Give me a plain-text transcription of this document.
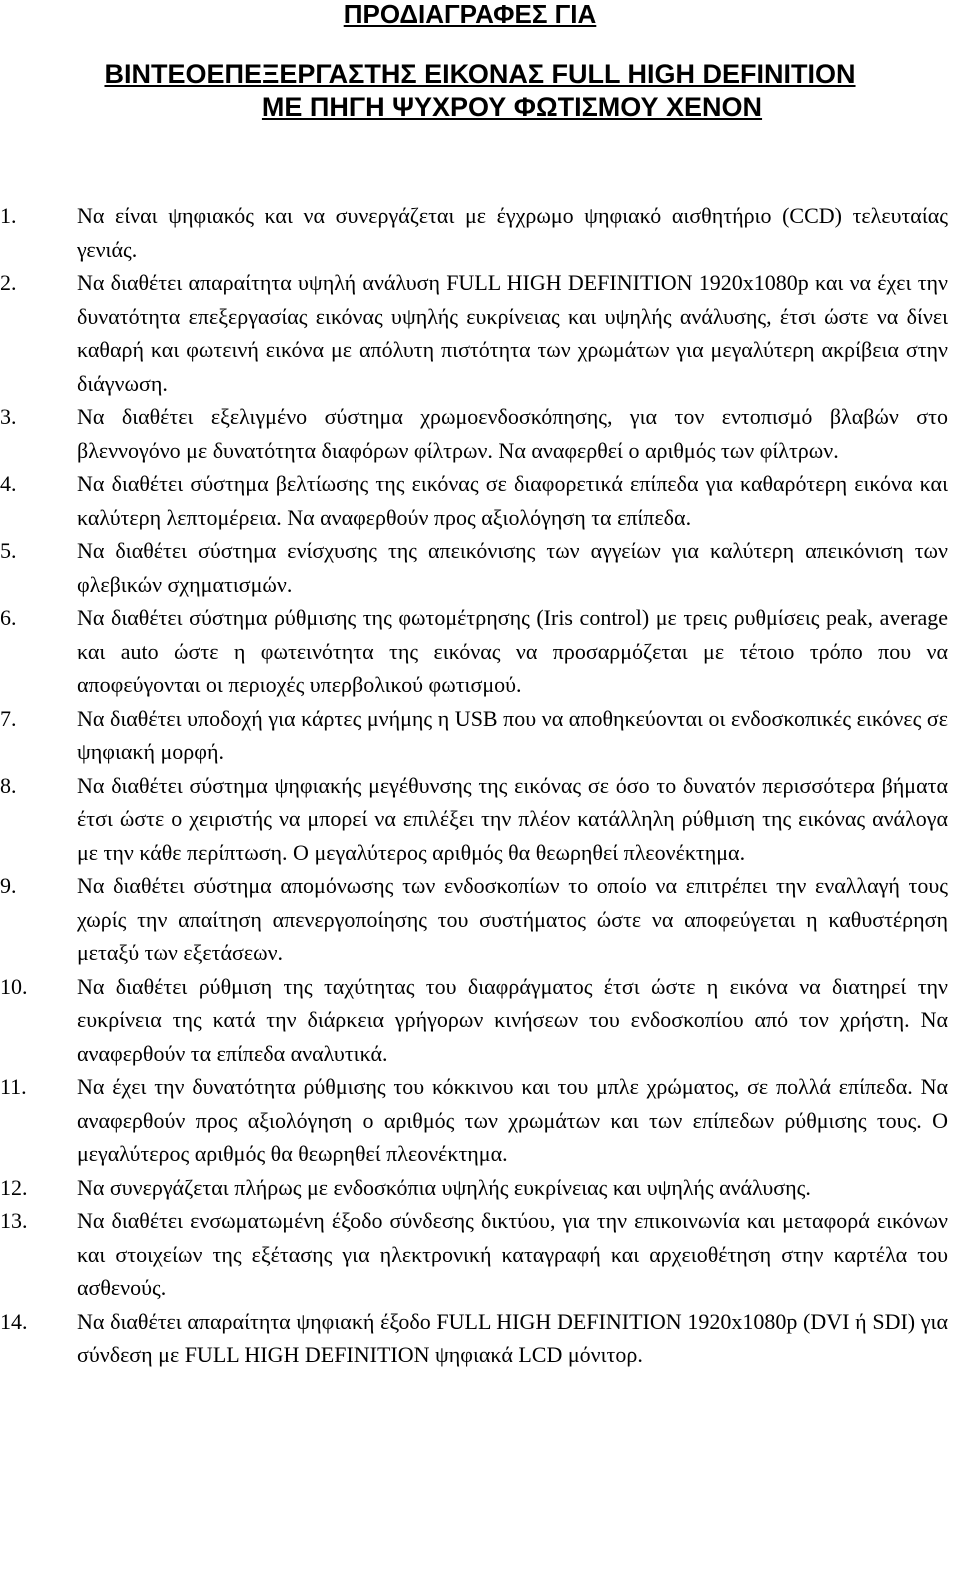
ΠΡΟΔΙΑΓΡΑΦΕΣ ΓΙΑ
ΒΙΝΤΕΟΕΠΕΞΕΡΓΑΣΤΗΣ ΕΙΚΟΝΑΣ FULL HIGH DEFINITION
ΜΕ ΠΗΓΗ ΨΥΧΡΟΥ ΦΩΤΙΣΜΟΥ XENON
1.	Να είναι ψηφιακός και να συνεργάζεται με έγχρωμο ψηφιακό αισθητήριο (CCD) τελευταίας γενιάς.
2.	Να διαθέτει απαραίτητα υψηλή ανάλυση FULL HIGH DEFINITION 1920x1080p και να έχει την δυνατότητα επεξεργασίας εικόνας υψηλής ευκρίνειας και υψηλής ανάλυσης, έτσι ώστε να δίνει καθαρή και φωτεινή εικόνα με απόλυτη πιστότητα των χρωμάτων για μεγαλύτερη ακρίβεια στην διάγνωση.
3.	Να διαθέτει εξελιγμένο σύστημα χρωμοενδοσκόπησης, για τον εντοπισμό βλαβών στο βλεννογόνο με δυνατότητα διαφόρων φίλτρων. Να αναφερθεί ο αριθμός των φίλτρων.
4.	Να διαθέτει σύστημα βελτίωσης της εικόνας σε διαφορετικά επίπεδα για καθαρότερη εικόνα και καλύτερη λεπτομέρεια. Να αναφερθούν προς αξιολόγηση τα επίπεδα.
5.	Να διαθέτει σύστημα ενίσχυσης της απεικόνισης των αγγείων για καλύτερη απεικόνιση των φλεβικών σχηματισμών.
6.	Να διαθέτει σύστημα ρύθμισης της φωτομέτρησης (Iris control) με τρεις ρυθμίσεις peak, average και auto ώστε η φωτεινότητα της εικόνας να προσαρμόζεται με τέτοιο τρόπο που να αποφεύγονται οι περιοχές υπερβολικού φωτισμού.
7.	Να διαθέτει υποδοχή για κάρτες μνήμης η USB που να αποθηκεύονται οι ενδοσκοπικές εικόνες σε ψηφιακή μορφή.
8.	Να διαθέτει σύστημα ψηφιακής μεγέθυνσης της εικόνας σε όσο το δυνατόν περισσότερα βήματα έτσι ώστε ο χειριστής να μπορεί να επιλέξει την πλέον κατάλληλη ρύθμιση της εικόνας ανάλογα με την κάθε περίπτωση. Ο μεγαλύτερος αριθμός θα θεωρηθεί πλεονέκτημα.
9.	Να διαθέτει σύστημα απομόνωσης των ενδοσκοπίων το οποίο να επιτρέπει την εναλλαγή τους χωρίς την απαίτηση απενεργοποίησης του συστήματος ώστε να αποφεύγεται η καθυστέρηση μεταξύ των εξετάσεων.
10.	Να διαθέτει ρύθμιση της ταχύτητας του διαφράγματος έτσι ώστε η εικόνα να διατηρεί την ευκρίνεια της κατά την διάρκεια γρήγορων κινήσεων του ενδοσκοπίου από τον χρήστη. Να αναφερθούν τα επίπεδα αναλυτικά.
11.	Να έχει την δυνατότητα ρύθμισης του κόκκινου και του μπλε χρώματος, σε πολλά επίπεδα. Να αναφερθούν προς αξιολόγηση ο αριθμός των χρωμάτων και των επίπεδων ρύθμισης τους. Ο μεγαλύτερος αριθμός θα θεωρηθεί πλεονέκτημα.
12.	Να συνεργάζεται πλήρως με ενδοσκόπια υψηλής ευκρίνειας και υψηλής ανάλυσης.
13.	Να διαθέτει ενσωματωμένη έξοδο σύνδεσης δικτύου, για την επικοινωνία και μεταφορά εικόνων και στοιχείων της εξέτασης για ηλεκτρονική καταγραφή και αρχειοθέτηση στην καρτέλα του ασθενούς.
14.	Να διαθέτει απαραίτητα ψηφιακή έξοδο FULL HIGH DEFINITION 1920x1080p (DVI ή SDI) για σύνδεση με FULL HIGH DEFINITION ψηφιακά LCD μόνιτορ.
